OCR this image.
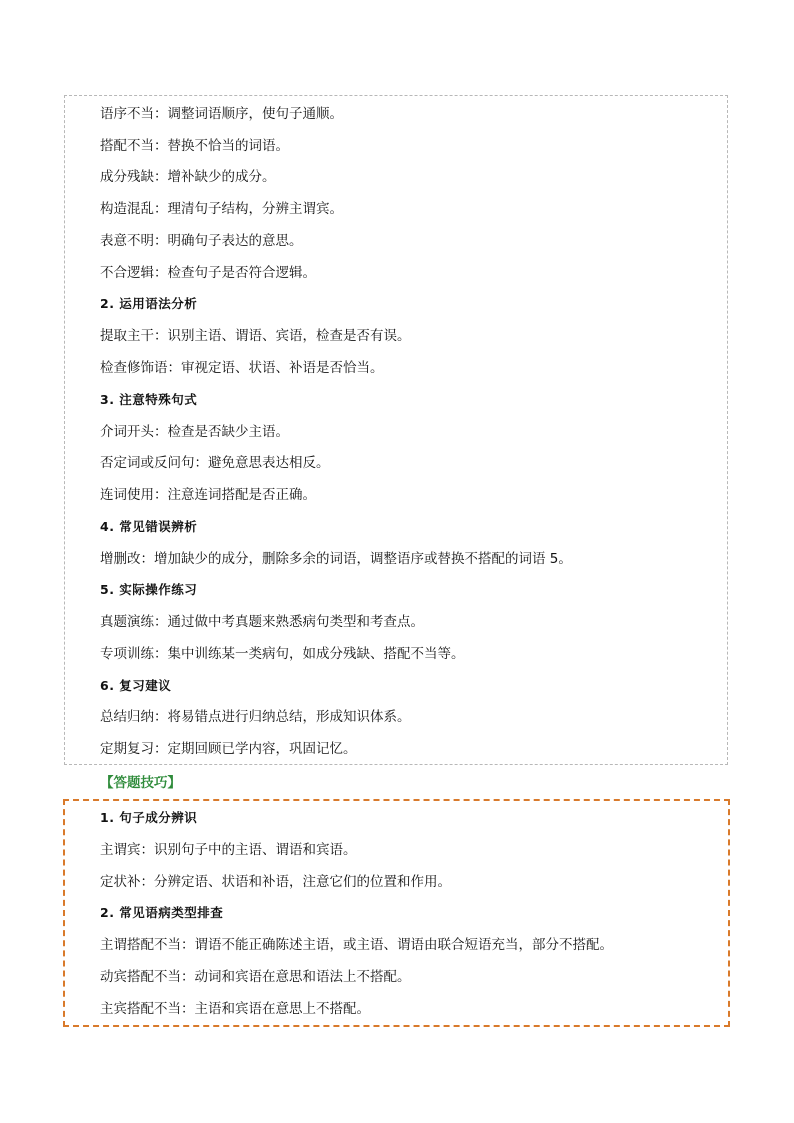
语序不当：调整词语顺序，使句子通顺。
搭配不当：替换不恰当的词语。
成分残缺：增补缺少的成分。
构造混乱：理清句子结构，分辨主谓宾。
表意不明：明确句子表达的意思。
不合逻辑：检查句子是否符合逻辑。
2. 运用语法分析
提取主干：识别主语、谓语、宾语，检查是否有误。
检查修饰语：审视定语、状语、补语是否恰当。
3. 注意特殊句式
介词开头：检查是否缺少主语。
否定词或反问句：避免意思表达相反。
连词使用：注意连词搭配是否正确。
4. 常见错误辨析
增删改：增加缺少的成分，删除多余的词语，调整语序或替换不搭配的词语 5。
5. 实际操作练习
真题演练：通过做中考真题来熟悉病句类型和考查点。
专项训练：集中训练某一类病句，如成分残缺、搭配不当等。
6. 复习建议
总结归纳：将易错点进行归纳总结，形成知识体系。
定期复习：定期回顾已学内容，巩固记忆。
【答题技巧】
1. 句子成分辨识
主谓宾：识别句子中的主语、谓语和宾语。
定状补：分辨定语、状语和补语，注意它们的位置和作用。
2. 常见语病类型排查
主谓搭配不当：谓语不能正确陈述主语，或主语、谓语由联合短语充当，部分不搭配。
动宾搭配不当：动词和宾语在意思和语法上不搭配。
主宾搭配不当：主语和宾语在意思上不搭配。
